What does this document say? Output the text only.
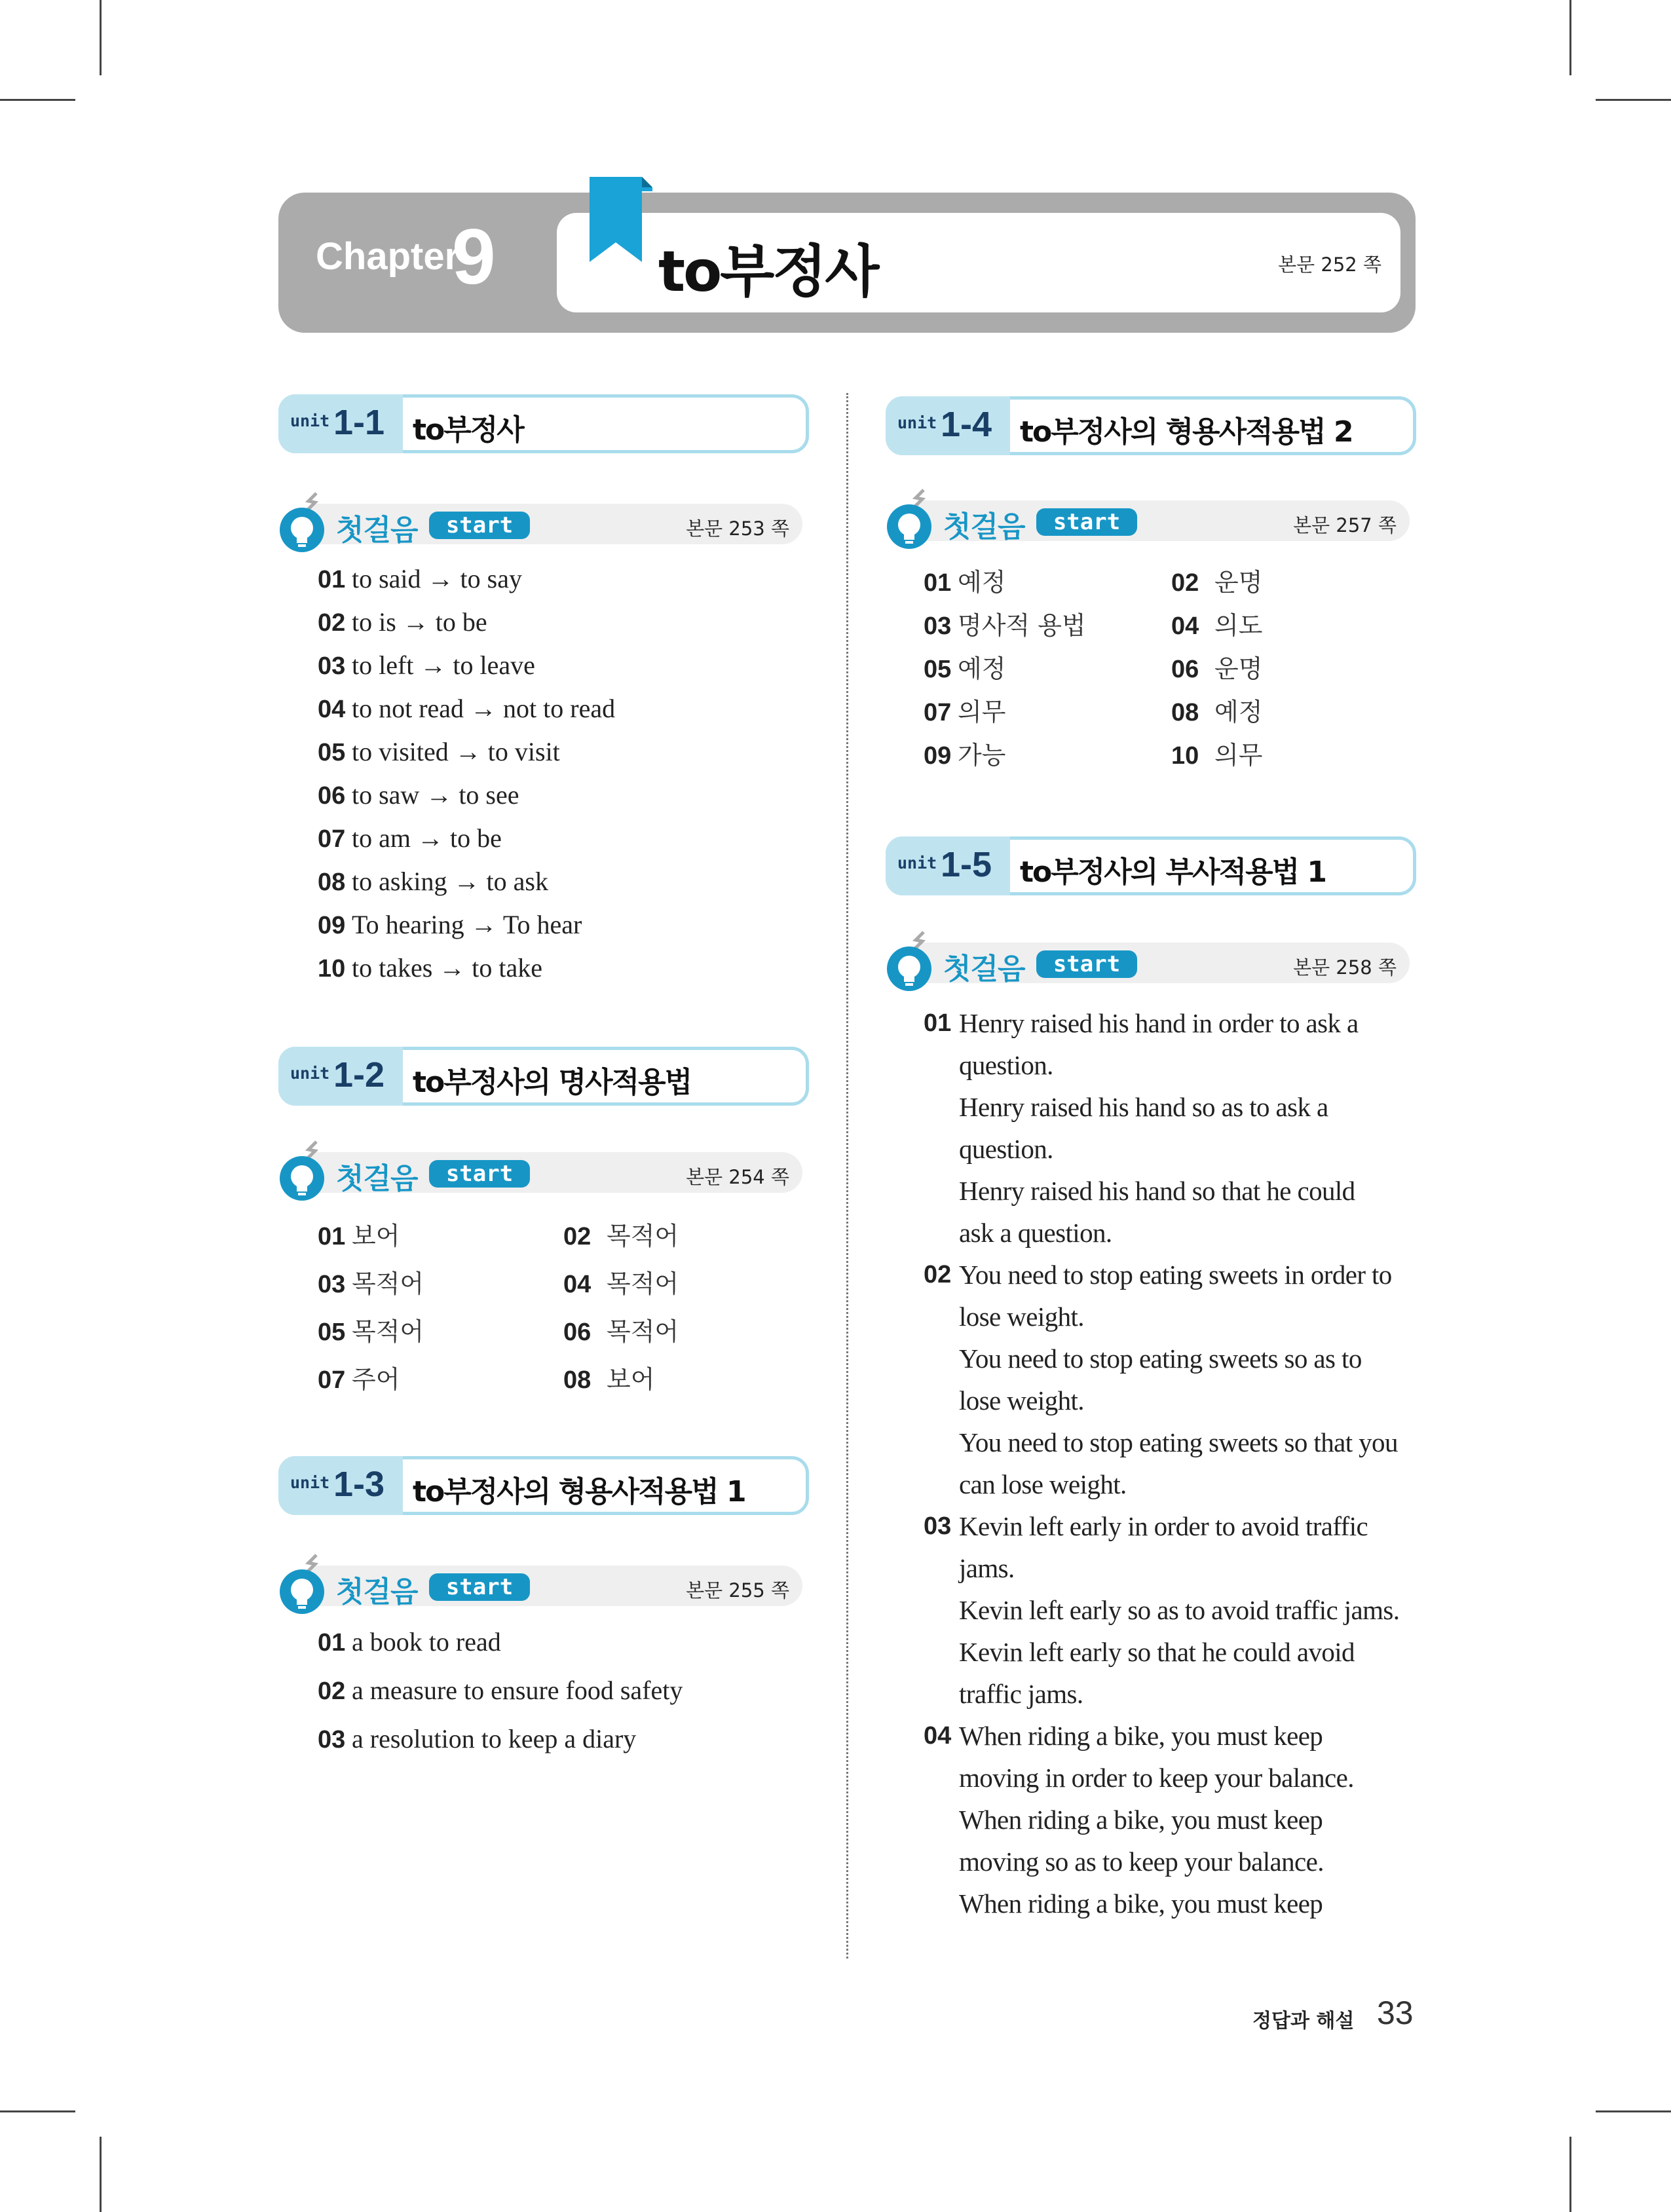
Chapter
9	to부정사	본문 252 쪽
unit 1-1 to부정사
첫걸음	start	본문 253 쪽
01 to said → to say
02 to is → to be
03 to left → to leave
04 to not read → not to read
05 to visited → to visit
06 to saw → to see
07 to am → to be
08 to asking → to ask
09 To hearing → To hear
10 to takes → to take
unit 1-2 to부정사의 명사적용법
첫걸음	start	본문 254 쪽
01 보어	02 목적어
03 목적어	04 목적어
05 목적어	06 목적어
07 주어	08 보어
unit 1-3 to부정사의 형용사적용법 1
첫걸음	start	본문 255 쪽
01 a book to read
02 a measure to ensure food safety
03 a resolution to keep a diary
unit 1-4 to부정사의 형용사적용법 2
첫걸음	start	본문 257 쪽
01 예정	02 운명
03 명사적 용법	04 의도
05 예정	06 운명
07 의무	08 예정
09 가능	10 의무
unit 1-5 to부정사의 부사적용법 1
첫걸음	start	본문 258 쪽
01 Henry raised his hand in order to ask a
question.
Henry raised his hand so as to ask a
question.
Henry raised his hand so that he could
ask a question.
02 You need to stop eating sweets in order to
lose weight.
You need to stop eating sweets so as to
lose weight.
You need to stop eating sweets so that you
can lose weight.
03 Kevin left early in order to avoid traffic
jams.
Kevin left early so as to avoid traffic jams.
Kevin left early so that he could avoid
traffic jams.
04 When riding a bike, you must keep
moving in order to keep your balance.
When riding a bike, you must keep
moving so as to keep your balance.
When riding a bike, you must keep
정답과 해설 33
